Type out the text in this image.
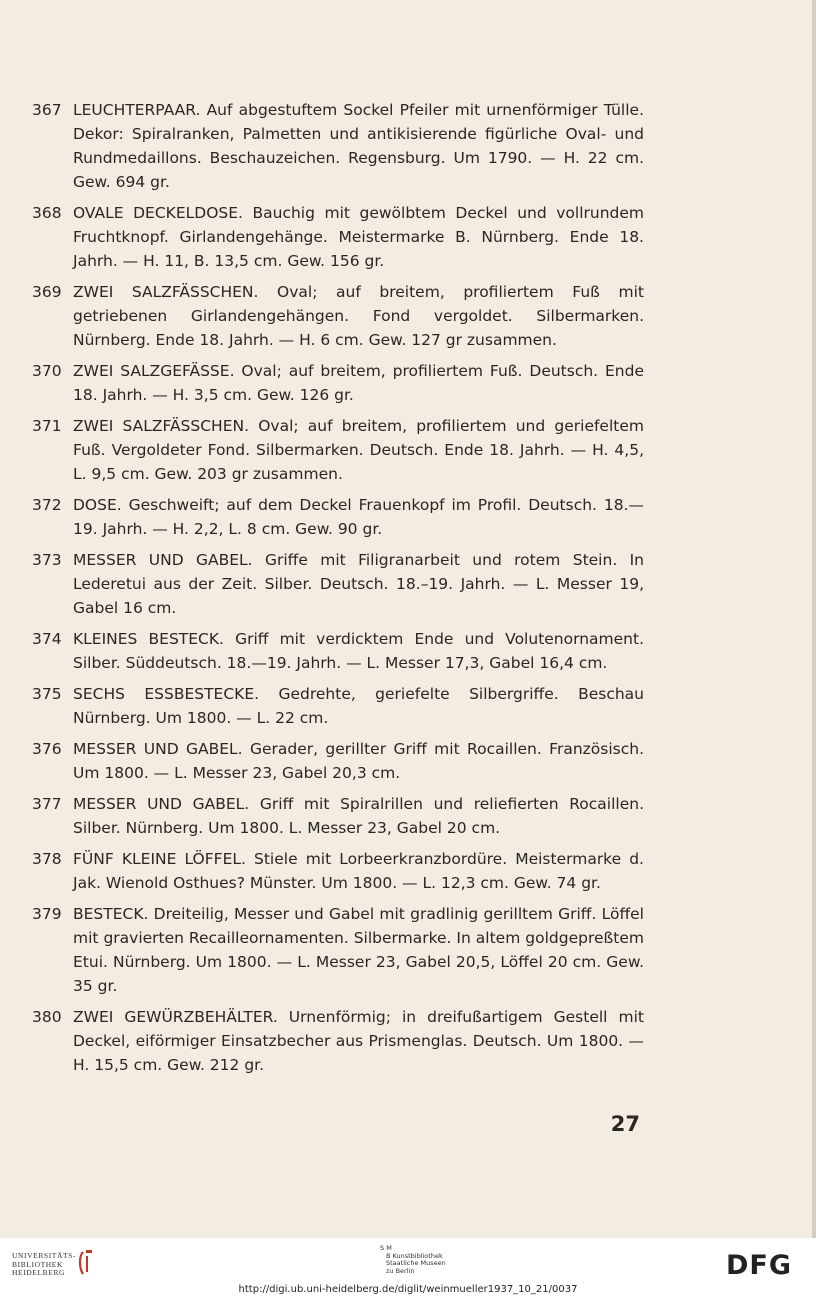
367 LEUCHTERPAAR. Auf abgestuftem Sockel Pfeiler mit urnenförmiger Tülle. Dekor: Spiralranken, Palmetten und antikisierende figürliche Oval- und Rundmedaillons. Beschauzeichen. Regensburg. Um 1790. — H. 22 cm. Gew. 694 gr.
368 OVALE DECKELDOSE. Bauchig mit gewölbtem Deckel und vollrundem Fruchtknopf. Girlandengehänge. Meistermarke B. Nürnberg. Ende 18. Jahrh. — H. 11, B. 13,5 cm. Gew. 156 gr.
369 ZWEI SALZFÄSSCHEN. Oval; auf breitem, profiliertem Fuß mit getriebenen Girlandengehängen. Fond vergoldet. Silbermarken. Nürnberg. Ende 18. Jahrh. — H. 6 cm. Gew. 127 gr zusammen.
370 ZWEI SALZGEFÄSSE. Oval; auf breitem, profiliertem Fuß. Deutsch. Ende 18. Jahrh. — H. 3,5 cm. Gew. 126 gr.
371 ZWEI SALZFÄSSCHEN. Oval; auf breitem, profiliertem und geriefeltem Fuß. Vergoldeter Fond. Silbermarken. Deutsch. Ende 18. Jahrh. — H. 4,5, L. 9,5 cm. Gew. 203 gr zusammen.
372 DOSE. Geschweift; auf dem Deckel Frauenkopf im Profil. Deutsch. 18.—19. Jahrh. — H. 2,2, L. 8 cm. Gew. 90 gr.
373 MESSER UND GABEL. Griffe mit Filigranarbeit und rotem Stein. In Lederetui aus der Zeit. Silber. Deutsch. 18.–19. Jahrh. — L. Messer 19, Gabel 16 cm.
374 KLEINES BESTECK. Griff mit verdicktem Ende und Volutenornament. Silber. Süddeutsch. 18.—19. Jahrh. — L. Messer 17,3, Gabel 16,4 cm.
375 SECHS ESSBESTECKE. Gedrehte, geriefelte Silbergriffe. Beschau Nürnberg. Um 1800. — L. 22 cm.
376 MESSER UND GABEL. Gerader, gerillter Griff mit Rocaillen. Französisch. Um 1800. — L. Messer 23, Gabel 20,3 cm.
377 MESSER UND GABEL. Griff mit Spiralrillen und reliefierten Rocaillen. Silber. Nürnberg. Um 1800. L. Messer 23, Gabel 20 cm.
378 FÜNF KLEINE LÖFFEL. Stiele mit Lorbeerkranzbordüre. Meistermarke d. Jak. Wienold Osthues? Münster. Um 1800. — L. 12,3 cm. Gew. 74 gr.
379 BESTECK. Dreiteilig, Messer und Gabel mit gradlinig gerilltem Griff. Löffel mit gravierten Recailleornamenten. Silbermarke. In altem goldgepreßtem Etui. Nürnberg. Um 1800. — L. Messer 23, Gabel 20,5, Löffel 20 cm. Gew. 35 gr.
380 ZWEI GEWÜRZBEHÄLTER. Urnenförmig; in dreifußartigem Gestell mit Deckel, eiförmiger Einsatzbecher aus Prismenglas. Deutsch. Um 1800. — H. 15,5 cm. Gew. 212 gr.
27
UNIVERSITÄTS-
BIBLIOTHEK
HEIDELBERG
S M
B Kunstbibliothek
Staatliche Museen
zu Berlin	DFG
http://digi.ub.uni-heidelberg.de/diglit/weinmueller1937_10_21/0037
